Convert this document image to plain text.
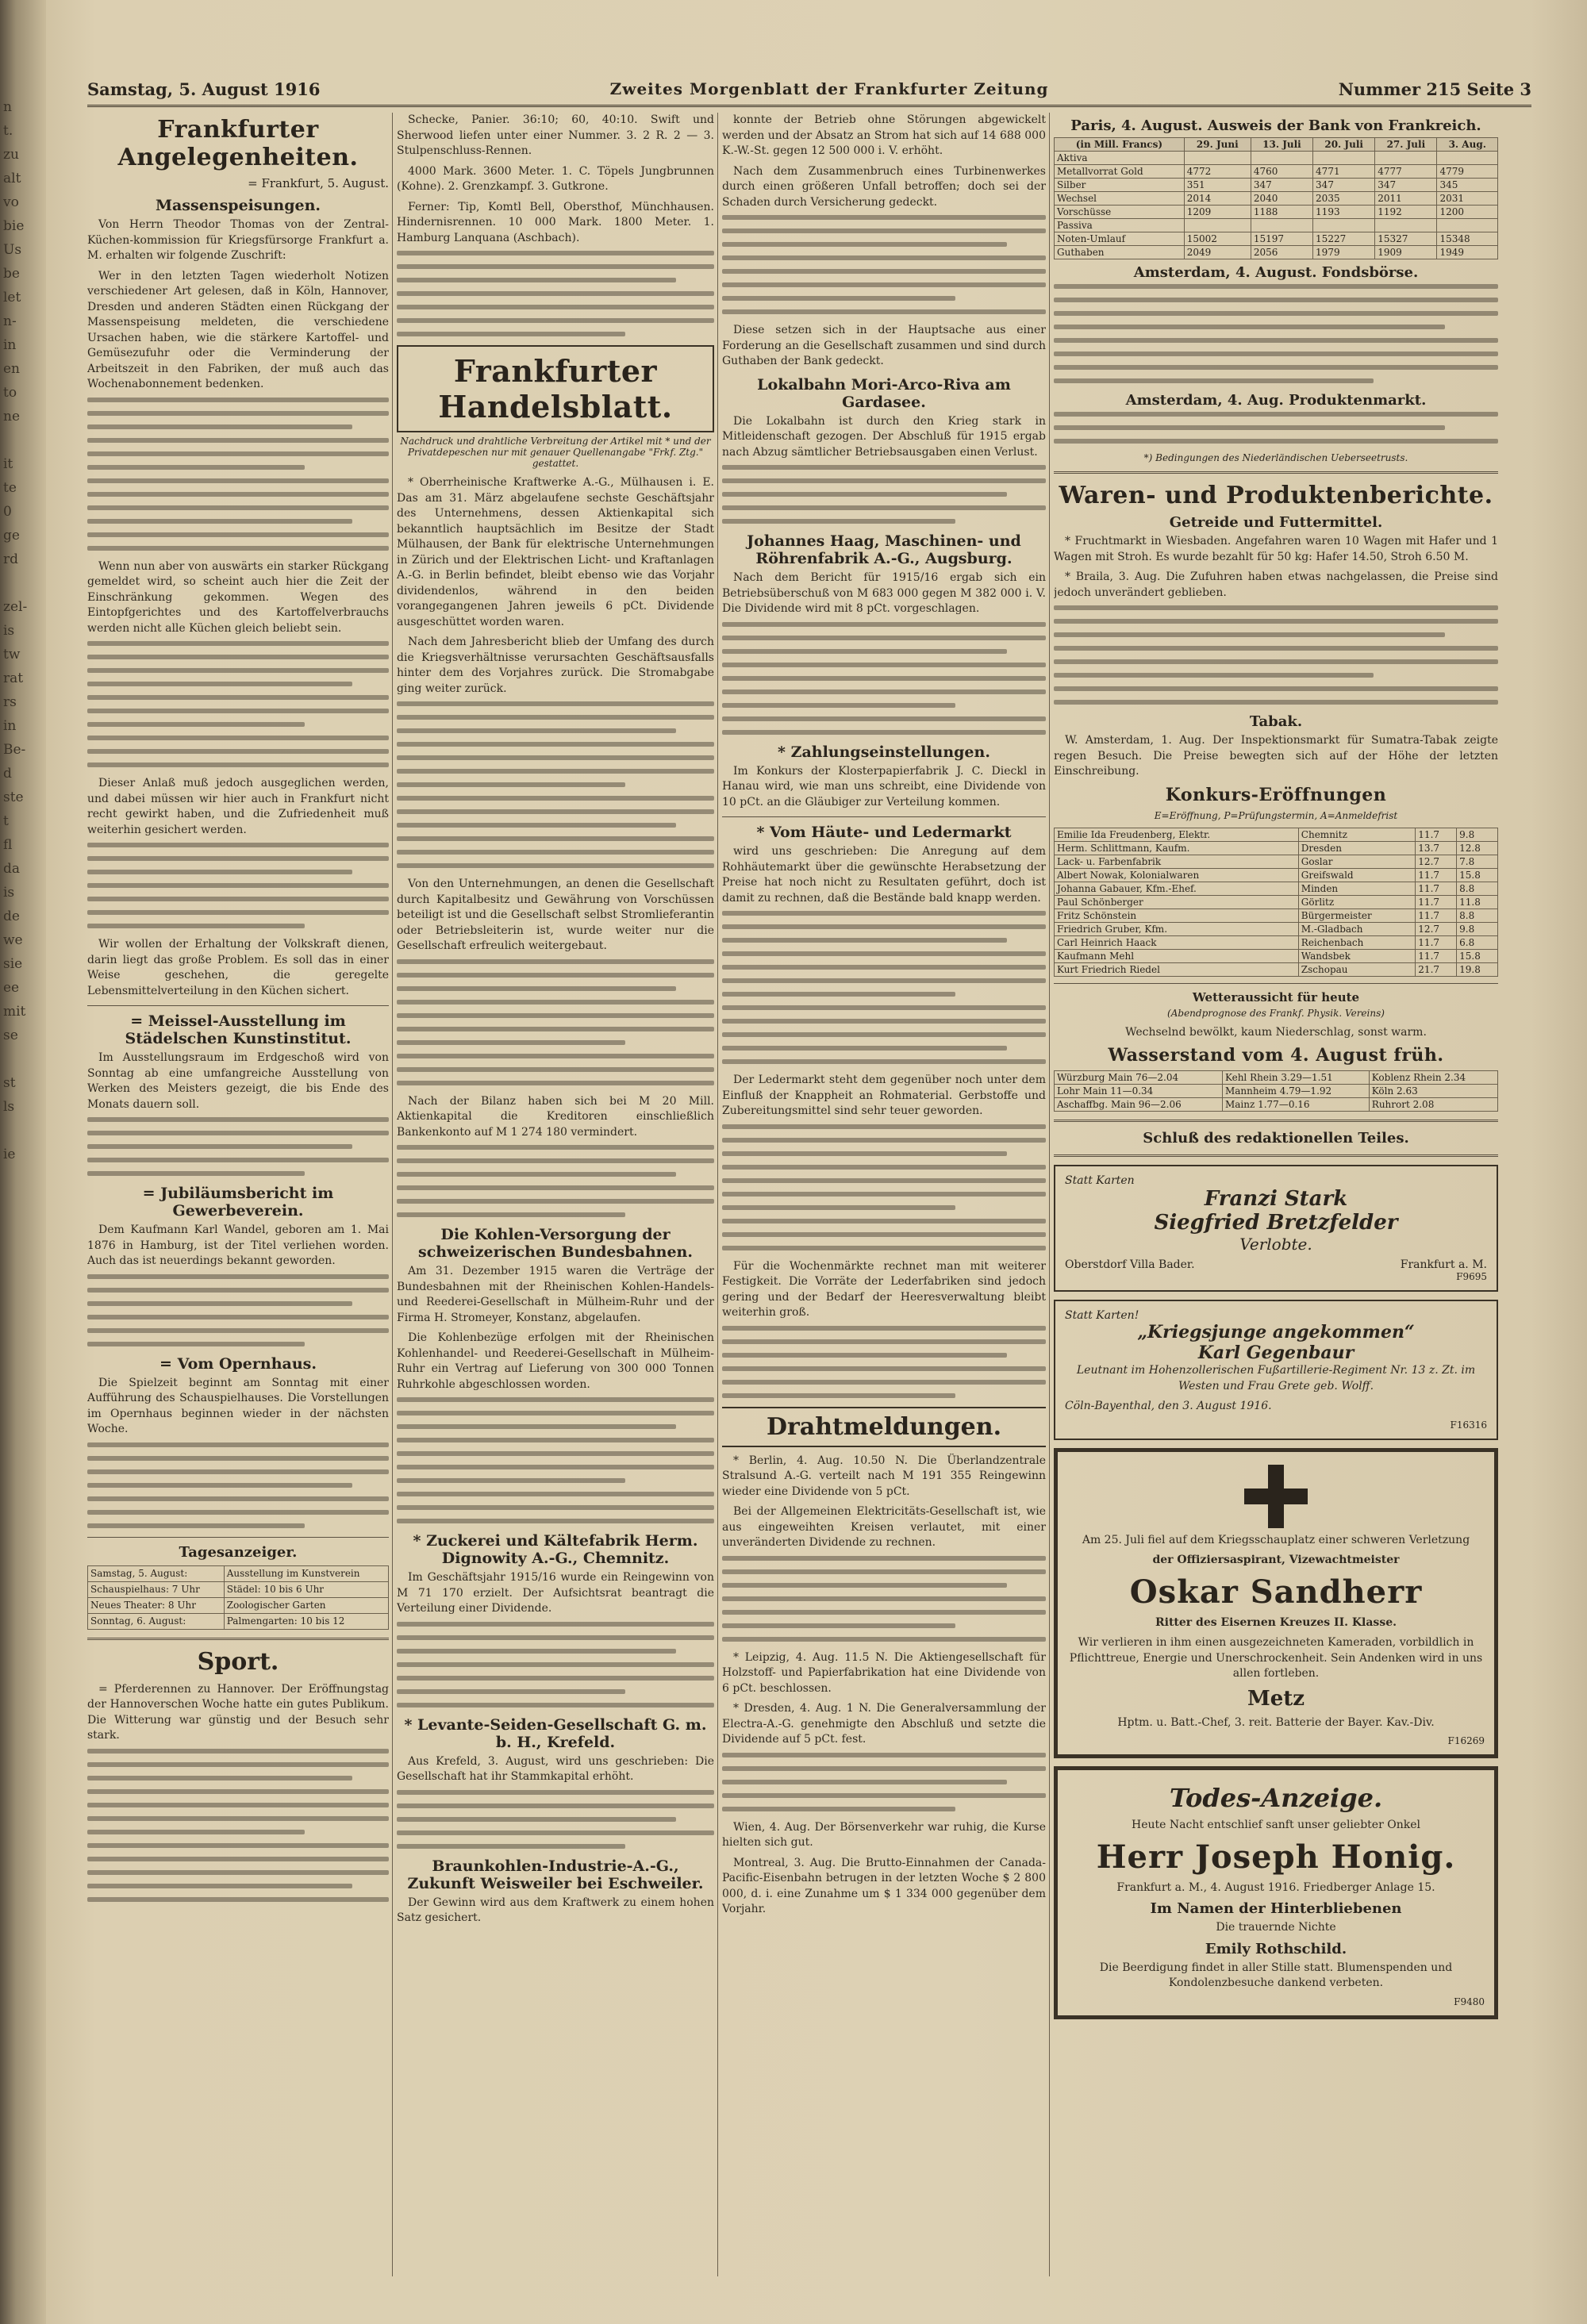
n
t.
zu
alt
vo
bie
Us
be
let
n-
in
en
to
ne

it
te
0
ge
rd

zel-
is
tw
rat
rs
in
Be-
d
ste
t
fl
da
is
de
we
sie
ee
mit
se

st
ls

ie
Samstag, 5. August 1916	Zweites Morgenblatt der Frankfurter Zeitung	Nummer 215 Seite 3
Frankfurter Angelegenheiten.
= Frankfurt, 5. August.
Massenspeisungen.

Von Herrn Theodor Thomas von der Zentral-Küchen-kommission für Kriegsfürsorge Frankfurt a. M. erhalten wir folgende Zuschrift:

Wer in den letzten Tagen wiederholt Notizen verschiedener Art gelesen, daß in Köln, Hannover, Dresden und anderen Städten einen Rückgang der Massenspeisung meldeten, die verschiedene Ursachen haben, wie die stärkere Kartoffel- und Gemüsezufuhr oder die Verminderung der Arbeitszeit in den Fabriken, der muß auch das Wochenabonnement bedenken.

Wenn nun aber von auswärts ein starker Rückgang gemeldet wird, so scheint auch hier die Zeit der Einschränkung gekommen. Wegen des Eintopfgerichtes und des Kartoffelverbrauchs werden nicht alle Küchen gleich beliebt sein.

Dieser Anlaß muß jedoch ausgeglichen werden, und dabei müssen wir hier auch in Frankfurt nicht recht gewirkt haben, und die Zufriedenheit muß weiterhin gesichert werden.

Wir wollen der Erhaltung der Volkskraft dienen, darin liegt das große Problem. Es soll das in einer Weise geschehen, die geregelte Lebensmittelverteilung in den Küchen sichert.

= Meissel-Ausstellung im Städelschen Kunstinstitut.

Im Ausstellungsraum im Erdgeschoß wird von Sonntag ab eine umfangreiche Ausstellung von Werken des Meisters gezeigt, die bis Ende des Monats dauern soll.

= Jubiläumsbericht im Gewerbeverein.

Dem Kaufmann Karl Wandel, geboren am 1. Mai 1876 in Hamburg, ist der Titel verliehen worden. Auch das ist neuerdings bekannt geworden.

= Vom Opernhaus.

Die Spielzeit beginnt am Sonntag mit einer Aufführung des Schauspielhauses. Die Vorstellungen im Opernhaus beginnen wieder in der nächsten Woche.

Tagesanzeiger.
Samstag, 5. August:	Ausstellung im Kunstverein
Schauspielhaus: 7 Uhr	Städel: 10 bis 6 Uhr
Neues Theater: 8 Uhr	Zoologischer Garten
Sonntag, 6. August:	Palmengarten: 10 bis 12
Sport.

= Pferderennen zu Hannover. Der Eröffnungstag der Hannoverschen Woche hatte ein gutes Publikum. Die Witterung war günstig und der Besuch sehr stark.

Schecke, Panier. 36:10; 60, 40:10. Swift und Sherwood liefen unter einer Nummer. 3. 2 R. 2 — 3. Stulpenschluss-Rennen.

4000 Mark. 3600 Meter. 1. C. Töpels Jungbrunnen (Kohne). 2. Grenzkampf. 3. Gutkrone.

Ferner: Tip, Komtl Bell, Obersthof, Münchhausen. Hindernisrennen. 10 000 Mark. 1800 Meter. 1. Hamburg Lanquana (Aschbach).

Frankfurter Handelsblatt.
Nachdruck und drahtliche Verbreitung der Artikel mit * und der Privatdepeschen nur mit genauer Quellenangabe "Frkf. Ztg." gestattet.

* Oberrheinische Kraftwerke A.-G., Mülhausen i. E. Das am 31. März abgelaufene sechste Geschäftsjahr des Unternehmens, dessen Aktienkapital sich bekanntlich hauptsächlich im Besitze der Stadt Mülhausen, der Bank für elektrische Unternehmungen in Zürich und der Elektrischen Licht- und Kraftanlagen A.-G. in Berlin befindet, bleibt ebenso wie das Vorjahr dividendenlos, während in den beiden vorangegangenen Jahren jeweils 6 pCt. Dividende ausgeschüttet worden waren.

Nach dem Jahresbericht blieb der Umfang des durch die Kriegsverhältnisse verursachten Geschäftsausfalls hinter dem des Vorjahres zurück. Die Stromabgabe ging weiter zurück.

Von den Unternehmungen, an denen die Gesellschaft durch Kapitalbesitz und Gewährung von Vorschüssen beteiligt ist und die Gesellschaft selbst Stromlieferantin oder Betriebsleiterin ist, wurde weiter nur die Gesellschaft erfreulich weitergebaut.

Nach der Bilanz haben sich bei M 20 Mill. Aktienkapital die Kreditoren einschließlich Bankenkonto auf M 1 274 180 vermindert.

Die Kohlen-Versorgung der schweizerischen Bundesbahnen.

Am 31. Dezember 1915 waren die Verträge der Bundesbahnen mit der Rheinischen Kohlen-Handels- und Reederei-Gesellschaft in Mülheim-Ruhr und der Firma H. Stromeyer, Konstanz, abgelaufen.

Die Kohlenbezüge erfolgen mit der Rheinischen Kohlenhandel- und Reederei-Gesellschaft in Mülheim-Ruhr ein Vertrag auf Lieferung von 300 000 Tonnen Ruhrkohle abgeschlossen worden.

* Zuckerei und Kältefabrik Herm. Dignowity A.-G., Chemnitz.

Im Geschäftsjahr 1915/16 wurde ein Reingewinn von M 71 170 erzielt. Der Aufsichtsrat beantragt die Verteilung einer Dividende.

* Levante-Seiden-Gesellschaft G. m. b. H., Krefeld.

Aus Krefeld, 3. August, wird uns geschrieben: Die Gesellschaft hat ihr Stammkapital erhöht.

Braunkohlen-Industrie-A.-G., Zukunft Weisweiler bei Eschweiler.

Der Gewinn wird aus dem Kraftwerk zu einem hohen Satz gesichert.

konnte der Betrieb ohne Störungen abgewickelt werden und der Absatz an Strom hat sich auf 14 688 000 K.-W.-St. gegen 12 500 000 i. V. erhöht.

Nach dem Zusammenbruch eines Turbinenwerkes durch einen größeren Unfall betroffen; doch sei der Schaden durch Versicherung gedeckt.

Diese setzen sich in der Hauptsache aus einer Forderung an die Gesellschaft zusammen und sind durch Guthaben der Bank gedeckt.

Lokalbahn Mori-Arco-Riva am Gardasee.

Die Lokalbahn ist durch den Krieg stark in Mitleidenschaft gezogen. Der Abschluß für 1915 ergab nach Abzug sämtlicher Betriebsausgaben einen Verlust.

Johannes Haag, Maschinen- und Röhrenfabrik A.-G., Augsburg.

Nach dem Bericht für 1915/16 ergab sich ein Betriebsüberschuß von M 683 000 gegen M 382 000 i. V. Die Dividende wird mit 8 pCt. vorgeschlagen.

* Zahlungseinstellungen.

Im Konkurs der Klosterpapierfabrik J. C. Dieckl in Hanau wird, wie man uns schreibt, eine Dividende von 10 pCt. an die Gläubiger zur Verteilung kommen.

* Vom Häute- und Ledermarkt

wird uns geschrieben: Die Anregung auf dem Rohhäutemarkt über die gewünschte Herabsetzung der Preise hat noch nicht zu Resultaten geführt, doch ist damit zu rechnen, daß die Bestände bald knapp werden.

Der Ledermarkt steht dem gegenüber noch unter dem Einfluß der Knappheit an Rohmaterial. Gerbstoffe und Zubereitungsmittel sind sehr teuer geworden.

Für die Wochenmärkte rechnet man mit weiterer Festigkeit. Die Vorräte der Lederfabriken sind jedoch gering und der Bedarf der Heeresverwaltung bleibt weiterhin groß.

Drahtmeldungen.

* Berlin, 4. Aug. 10.50 N. Die Überlandzentrale Stralsund A.-G. verteilt nach M 191 355 Reingewinn wieder eine Dividende von 5 pCt.

Bei der Allgemeinen Elektricitäts-Gesellschaft ist, wie aus eingeweihten Kreisen verlautet, mit einer unveränderten Dividende zu rechnen.

* Leipzig, 4. Aug. 11.5 N. Die Aktiengesellschaft für Holzstoff- und Papierfabrikation hat eine Dividende von 6 pCt. beschlossen.

* Dresden, 4. Aug. 1 N. Die Generalversammlung der Electra-A.-G. genehmigte den Abschluß und setzte die Dividende auf 5 pCt. fest.

Wien, 4. Aug. Der Börsenverkehr war ruhig, die Kurse hielten sich gut.

Montreal, 3. Aug. Die Brutto-Einnahmen der Canada-Pacific-Eisenbahn betrugen in der letzten Woche $ 2 800 000, d. i. eine Zunahme um $ 1 334 000 gegenüber dem Vorjahr.

Paris, 4. August. Ausweis der Bank von Frankreich.
(in Mill. Francs)	29. Juni	13. Juli	20. Juli	27. Juli	3. Aug.
Aktiva					
Metallvorrat Gold	4772	4760	4771	4777	4779
Silber	351	347	347	347	345
Wechsel	2014	2040	2035	2011	2031
Vorschüsse	1209	1188	1193	1192	1200
Passiva					
Noten-Umlauf	15002	15197	15227	15327	15348
Guthaben	2049	2056	1979	1909	1949
Amsterdam, 4. August. Fondsbörse.
Amsterdam, 4. Aug. Produktenmarkt.
*) Bedingungen des Niederländischen Ueberseetrusts.
Waren- und Produktenberichte.
Getreide und Futtermittel.

* Fruchtmarkt in Wiesbaden. Angefahren waren 10 Wagen mit Hafer und 1 Wagen mit Stroh. Es wurde bezahlt für 50 kg: Hafer 14.50, Stroh 6.50 M.

* Braila, 3. Aug. Die Zufuhren haben etwas nachgelassen, die Preise sind jedoch unverändert geblieben.

Tabak.

W. Amsterdam, 1. Aug. Der Inspektionsmarkt für Sumatra-Tabak zeigte regen Besuch. Die Preise bewegten sich auf der Höhe der letzten Einschreibung.

Konkurs-Eröffnungen
E=Eröffnung, P=Prüfungstermin, A=Anmeldefrist
Emilie Ida Freudenberg, Elektr.	Chemnitz	11.7	9.8
Herm. Schlittmann, Kaufm.	Dresden	13.7	12.8
Lack- u. Farbenfabrik	Goslar	12.7	7.8
Albert Nowak, Kolonialwaren	Greifswald	11.7	15.8
Johanna Gabauer, Kfm.-Ehef.	Minden	11.7	8.8
Paul Schönberger	Görlitz	11.7	11.8
Fritz Schönstein	Bürgermeister	11.7	8.8
Friedrich Gruber, Kfm.	M.-Gladbach	12.7	9.8
Carl Heinrich Haack	Reichenbach	11.7	6.8
Kaufmann Mehl	Wandsbek	11.7	15.8
Kurt Friedrich Riedel	Zschopau	21.7	19.8
Wetteraussicht für heute
(Abendprognose des Frankf. Physik. Vereins)

Wechselnd bewölkt, kaum Niederschlag, sonst warm.

Wasserstand vom 4. August früh.
Würzburg Main 76—2.04	Kehl Rhein 3.29—1.51	Koblenz Rhein 2.34
Lohr Main 11—0.34	Mannheim 4.79—1.92	Köln 2.63
Aschaffbg. Main 96—2.06	Mainz 1.77—0.16	Ruhrort 2.08
Schluß des redaktionellen Teiles.
Statt Karten
Franzi Stark
Siegfried Bretzfelder
Verlobte.
Oberstdorf Villa Bader.	Frankfurt a. M.
F9695
Statt Karten!
„Kriegsjunge angekommen“
Karl Gegenbaur

Leutnant im Hohenzollerischen Fußartillerie-Regiment Nr. 13 z. Zt. im Westen und Frau Grete geb. Wolff.

Cöln-Bayenthal, den 3. August 1916.

F16316

Am 25. Juli fiel auf dem Kriegsschauplatz einer schweren Verletzung

der Offiziersaspirant, Vizewachtmeister

Oskar Sandherr

Ritter des Eisernen Kreuzes II. Klasse.

Wir verlieren in ihm einen ausgezeichneten Kameraden, vorbildlich in Pflichttreue, Energie und Unerschrockenheit. Sein Andenken wird in uns allen fortleben.

Metz

Hptm. u. Batt.-Chef, 3. reit. Batterie der Bayer. Kav.-Div.

F16269
Todes-Anzeige.

Heute Nacht entschlief sanft unser geliebter Onkel

Herr Joseph Honig.

Frankfurt a. M., 4. August 1916. Friedberger Anlage 15.

Im Namen der Hinterbliebenen

Die trauernde Nichte

Emily Rothschild.

Die Beerdigung findet in aller Stille statt. Blumenspenden und Kondolenzbesuche dankend verbeten.

F9480
